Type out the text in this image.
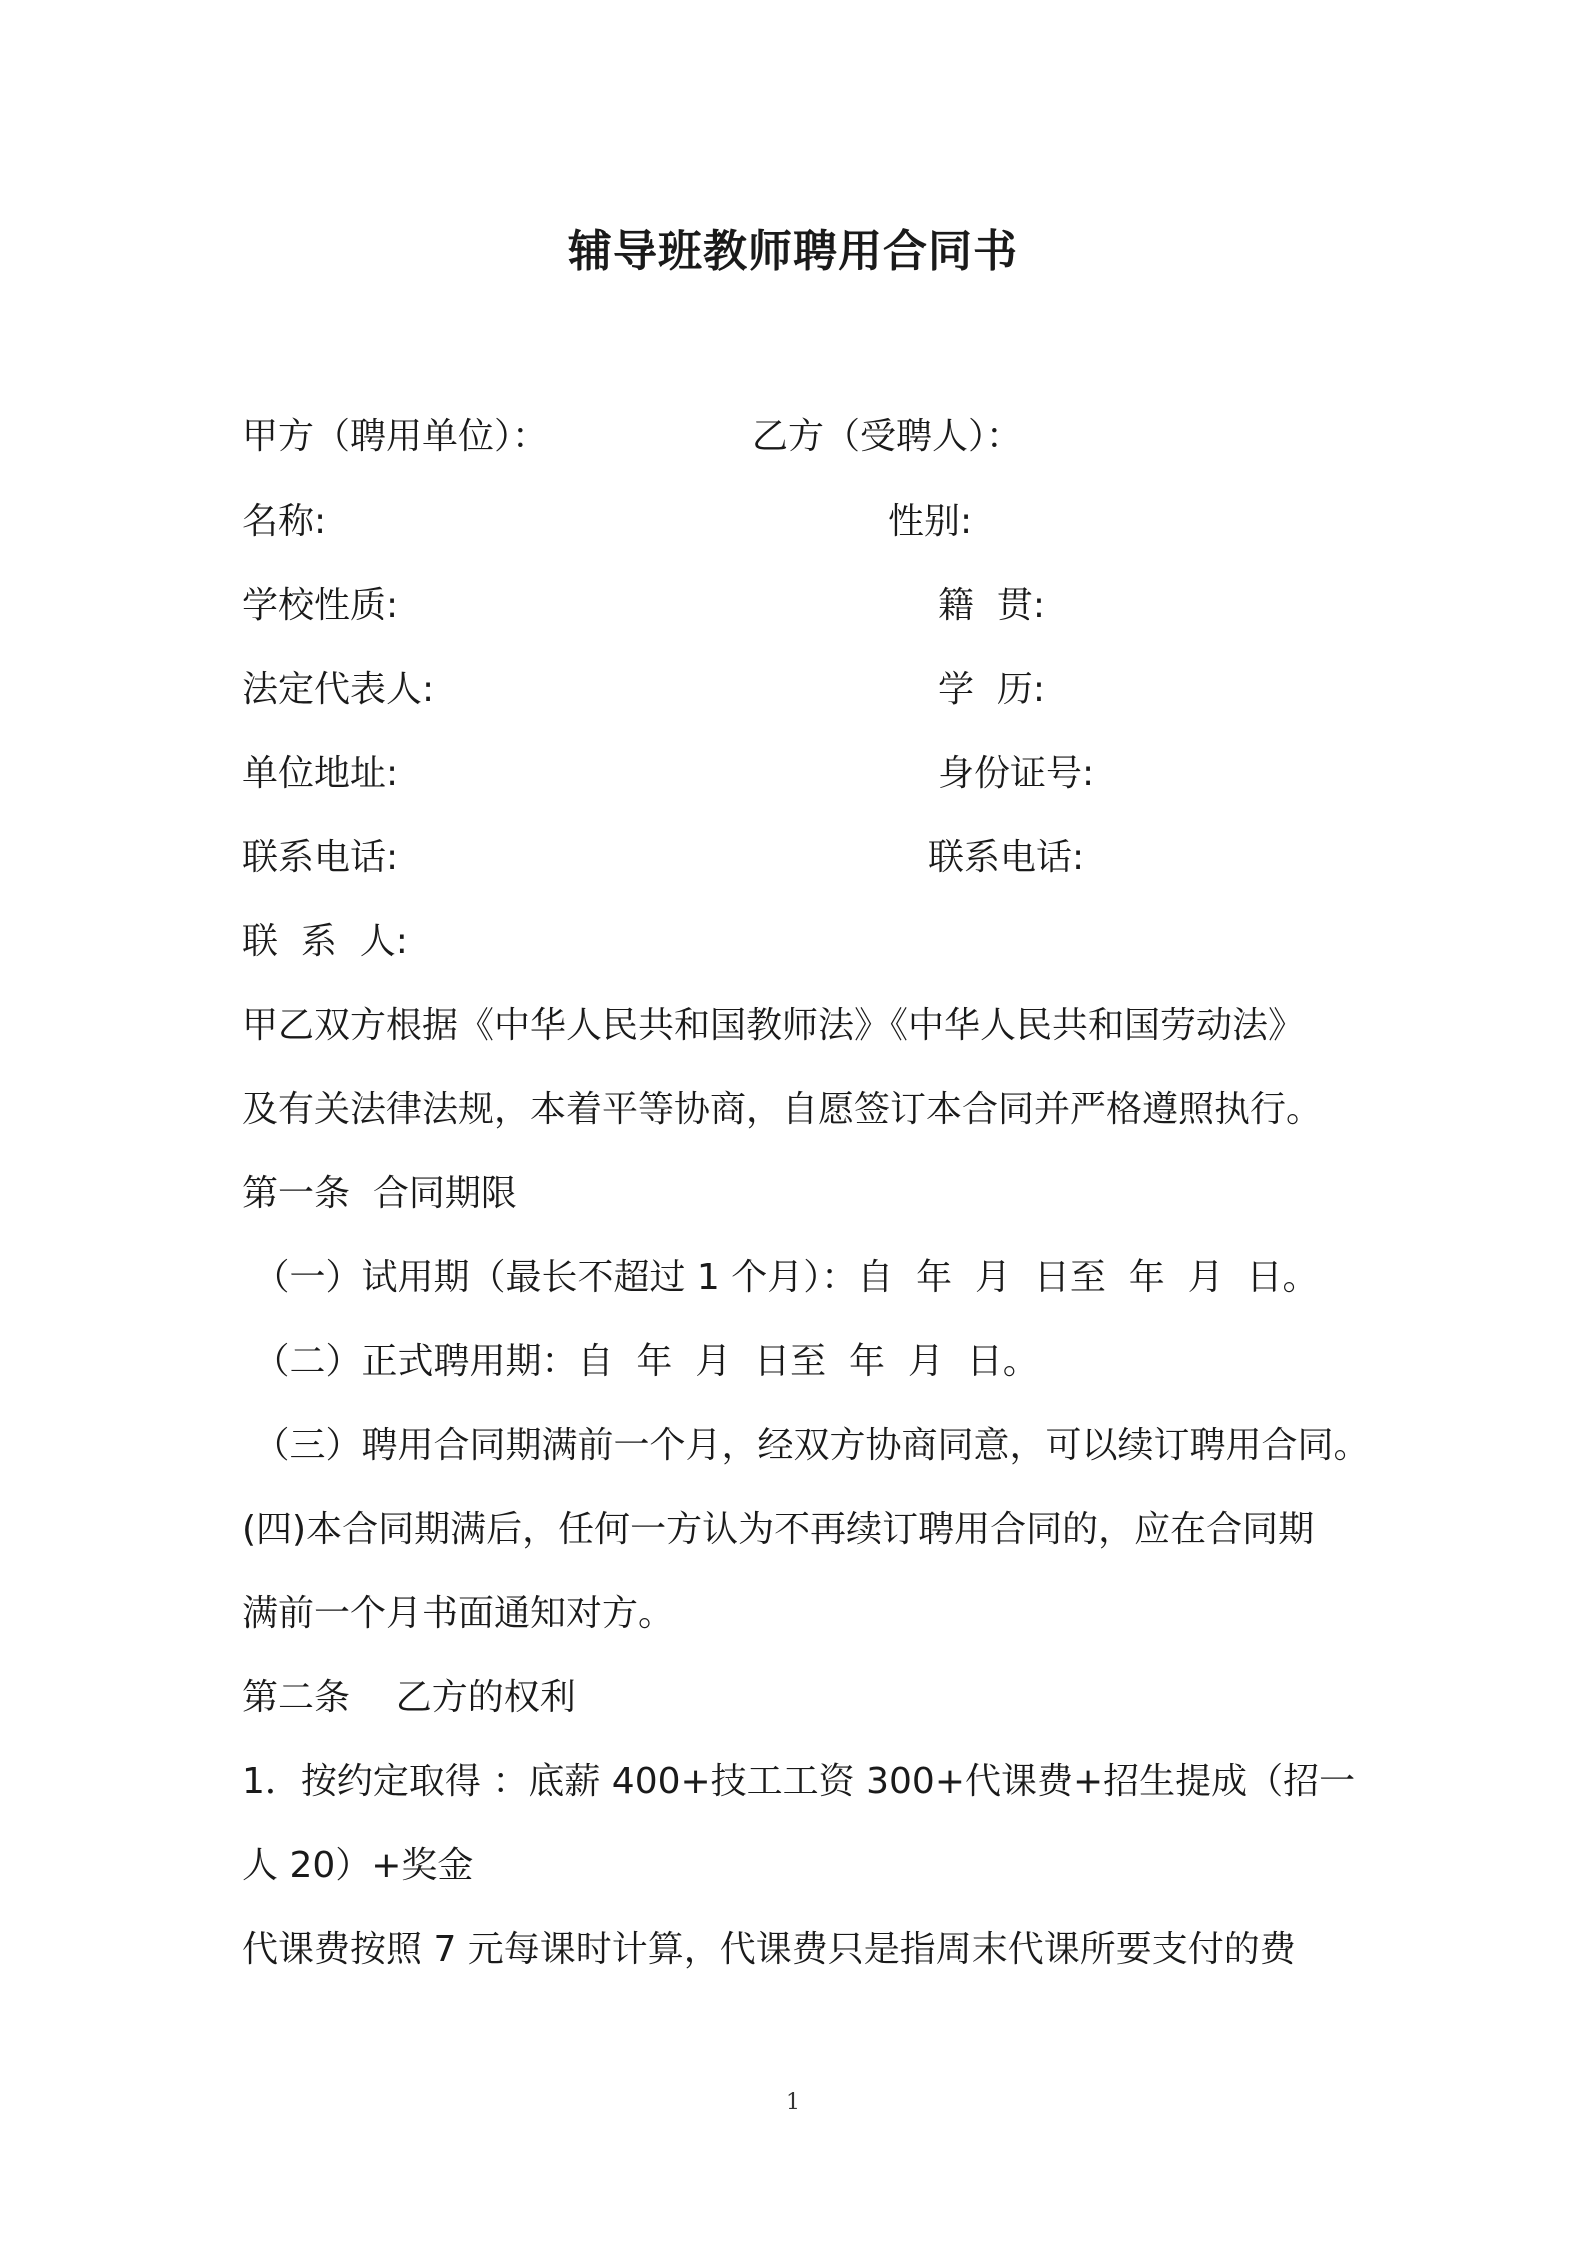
辅导班教师聘用合同书
甲方（聘用单位）：	乙方（受聘人）：
名称:	性别:
学校性质:	籍  贯:
法定代表人:	学  历:
单位地址:	身份证号:
联系电话:	联系电话:
联  系  人:
甲乙双方根据《中华人民共和国教师法》《中华人民共和国劳动法》
及有关法律法规，本着平等协商，自愿签订本合同并严格遵照执行。
第一条  合同期限
（一）试用期（最长不超过 1 个月）：自  年  月  日至  年  月  日。
（二）正式聘用期：自  年  月  日至  年  月  日。
（三）聘用合同期满前一个月，经双方协商同意，可以续订聘用合同。
(四)本合同期满后，任何一方认为不再续订聘用合同的，应在合同期
满前一个月书面通知对方。
第二条    乙方的权利
1．按约定取得 ：底薪 400+技工工资 300+代课费+招生提成（招一
人 20）+奖金
代课费按照 7 元每课时计算，代课费只是指周末代课所要支付的费
1
